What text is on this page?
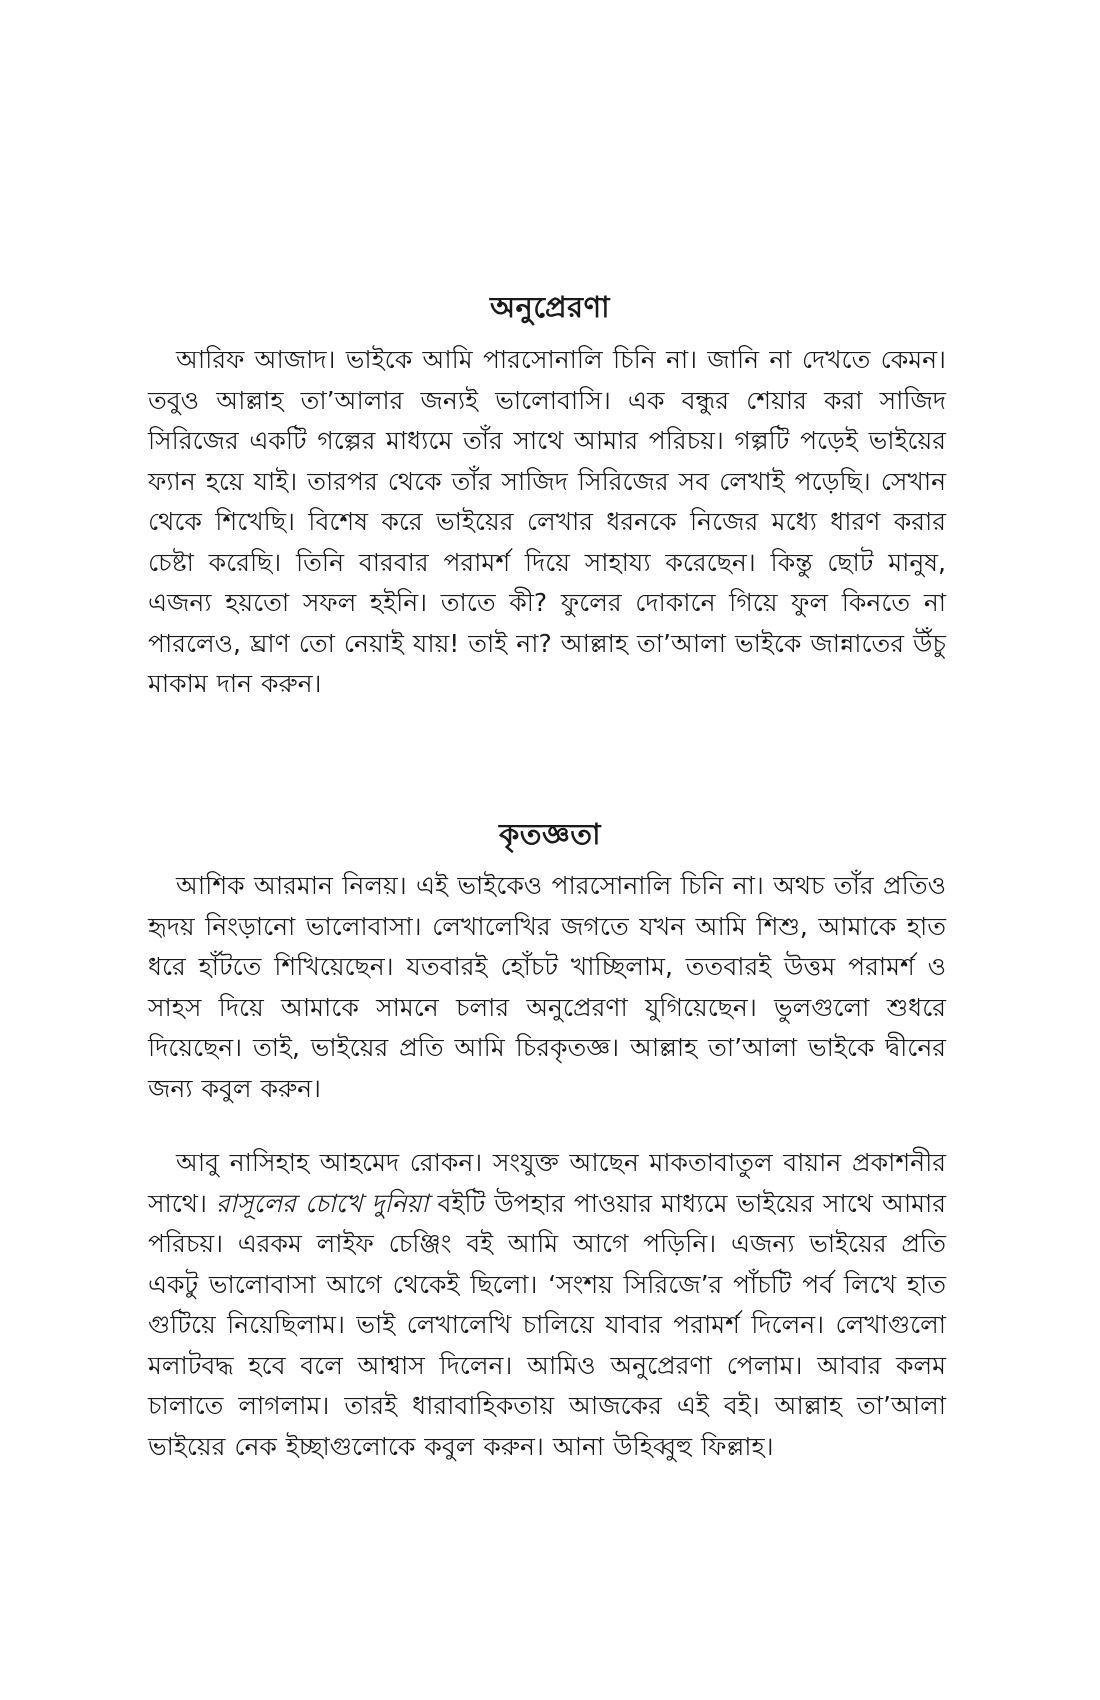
অনুপ্রেরণা

আরিফ আজাদ। ভাইকে আমি পারসোনালি চিনি না। জানি না দেখতে কেমন। তবুও আল্লাহ তা’আলার জন্যই ভালোবাসি। এক বন্ধুর শেয়ার করা সাজিদ সিরিজের একটি গল্পের মাধ্যমে তাঁর সাথে আমার পরিচয়। গল্পটি পড়েই ভাইয়ের ফ্যান হয়ে যাই। তারপর থেকে তাঁর সাজিদ সিরিজের সব লেখাই পড়েছি। সেখান থেকে শিখেছি। বিশেষ করে ভাইয়ের লেখার ধরনকে নিজের মধ্যে ধারণ করার চেষ্টা করেছি। তিনি বারবার পরামর্শ দিয়ে সাহায্য করেছেন। কিন্তু ছোট মানুষ, এজন্য হয়তো সফল হইনি। তাতে কী? ফুলের দোকানে গিয়ে ফুল কিনতে না পারলেও, ঘ্রাণ তো নেয়াই যায়! তাই না? আল্লাহ তা’আলা ভাইকে জান্নাতের উঁচু মাকাম দান করুন।

কৃতজ্ঞতা

আশিক আরমান নিলয়। এই ভাইকেও পারসোনালি চিনি না। অথচ তাঁর প্রতিও হৃদয় নিংড়ানো ভালোবাসা। লেখালেখির জগতে যখন আমি শিশু, আমাকে হাত ধরে হাঁটতে শিখিয়েছেন। যতবারই হোঁচট খাচ্ছিলাম, ততবারই উত্তম পরামর্শ ও সাহস দিয়ে আমাকে সামনে চলার অনুপ্রেরণা যুগিয়েছেন। ভুলগুলো শুধরে দিয়েছেন। তাই, ভাইয়ের প্রতি আমি চিরকৃতজ্ঞ। আল্লাহ তা’আলা ভাইকে দ্বীনের জন্য কবুল করুন।

আবু নাসিহাহ আহমেদ রোকন। সংযুক্ত আছেন মাকতাবাতুল বায়ান প্রকাশনীর সাথে। রাসূলের চোখে দুনিয়া বইটি উপহার পাওয়ার মাধ্যমে ভাইয়ের সাথে আমার পরিচয়। এরকম লাইফ চেঞ্জিং বই আমি আগে পড়িনি। এজন্য ভাইয়ের প্রতি একটু ভালোবাসা আগে থেকেই ছিলো। ‘সংশয় সিরিজে’র পাঁচটি পর্ব লিখে হাত গুটিয়ে নিয়েছিলাম। ভাই লেখালেখি চালিয়ে যাবার পরামর্শ দিলেন। লেখাগুলো মলাটবদ্ধ হবে বলে আশ্বাস দিলেন। আমিও অনুপ্রেরণা পেলাম। আবার কলম চালাতে লাগলাম। তারই ধারাবাহিকতায় আজকের এই বই। আল্লাহ তা’আলা ভাইয়ের নেক ইচ্ছাগুলোকে কবুল করুন। আনা উহিব্বুহু ফিল্লাহ।
